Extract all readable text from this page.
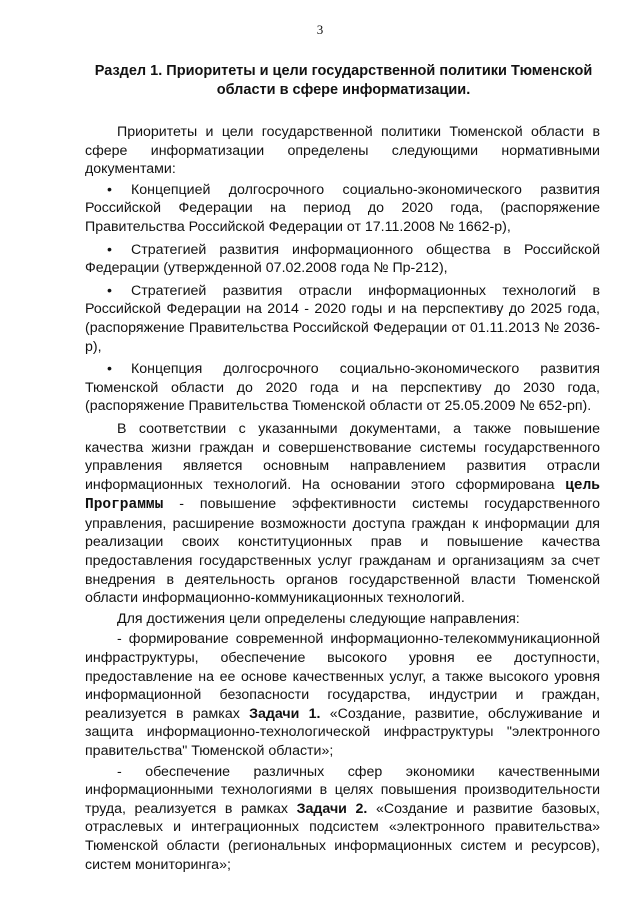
3
Раздел 1. Приоритеты и цели государственной политики Тюменской
области в сфере информатизации.

Приоритеты и цели государственной политики Тюменской области в сфере информатизации определены следующими нормативными документами:

• Концепцией долгосрочного социально-экономического развития Российской Федерации на период до 2020 года, (распоряжение Правительства Российской Федерации от 17.11.2008 № 1662-р),

• Стратегией развития информационного общества в Российской Федерации (утвержденной 07.02.2008 года № Пр-212),

• Стратегией развития отрасли информационных технологий в Российской Федерации на 2014 - 2020 годы и на перспективу до 2025 года, (распоряжение Правительства Российской Федерации от 01.11.2013 № 2036-р),

• Концепция долгосрочного социально-экономического развития Тюменской области до 2020 года и на перспективу до 2030 года, (распоряжение Правительства Тюменской области от 25.05.2009 № 652-рп).

В соответствии с указанными документами, а также повышение качества жизни граждан и совершенствование системы государственного управления является основным направлением развития отрасли информационных технологий. На основании этого сформирована цель Программы - повышение эффективности системы государственного управления, расширение возможности доступа граждан к информации для реализации своих конституционных прав и повышение качества предоставления государственных услуг гражданам и организациям за счет внедрения в деятельность органов государственной власти Тюменской области информационно-коммуникационных технологий.

Для достижения цели определены следующие направления:

- формирование современной информационно-телекоммуникационной инфраструктуры, обеспечение высокого уровня ее доступности, предоставление на ее основе качественных услуг, а также высокого уровня информационной безопасности государства, индустрии и граждан, реализуется в рамках Задачи 1. «Создание, развитие, обслуживание и защита информационно-технологической инфраструктуры "электронного правительства" Тюменской области»;

- обеспечение различных сфер экономики качественными информационными технологиями в целях повышения производительности труда, реализуется в рамках Задачи 2. «Создание и развитие базовых, отраслевых и интеграционных подсистем «электронного правительства» Тюменской области (региональных информационных систем и ресурсов), систем мониторинга»;
